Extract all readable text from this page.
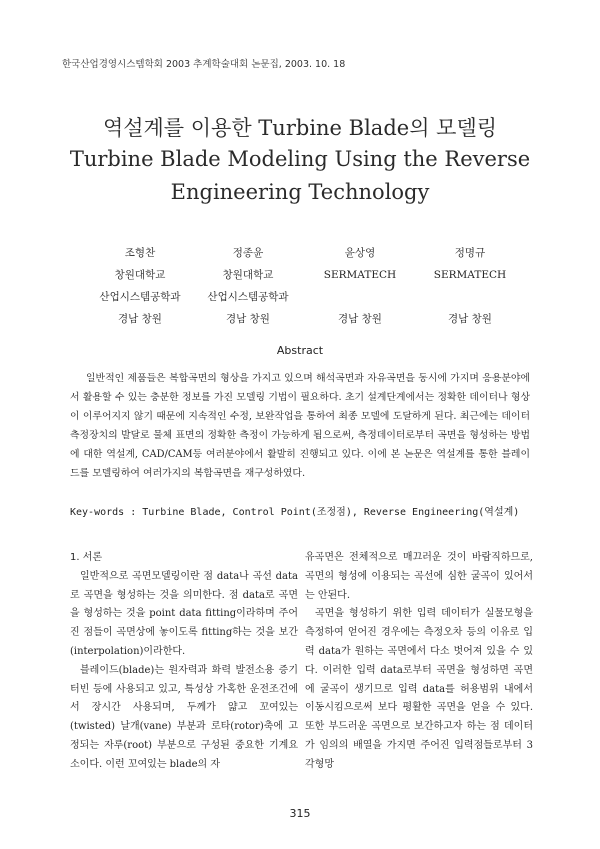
한국산업경영시스템학회 2003 추계학술대회 논문집, 2003. 10. 18
역설계를 이용한 Turbine Blade의 모델링
Turbine Blade Modeling Using the Reverse
Engineering Technology
조형찬
창원대학교
산업시스템공학과
경남 창원
정종윤
창원대학교
산업시스템공학과
경남 창원
윤상영
SERMATECH
경남 창원
정명규
SERMATECH
경남 창원
Abstract
일반적인 제품들은 복합곡면의 형상을 가지고 있으며 해석곡면과 자유곡면을 동시에 가지며 응용분야에서 활용할 수 있는 충분한 정보를 가진 모델링 기법이 필요하다. 초기 설계단계에서는 정확한 데이터나 형상이 이루어지지 않기 때문에 지속적인 수정, 보완작업을 통하여 최종 모델에 도달하게 된다. 최근에는 데이터 측정장치의 발달로 물체 표면의 정확한 측정이 가능하게 됨으로써, 측정데이터로부터 곡면을 형성하는 방법에 대한 역설계, CAD/CAM등 여러분야에서 활발히 진행되고 있다. 이에 본 논문은 역설계를 통한 블레이드를 모델링하여 여러가지의 복합곡면을 재구성하였다.
Key-words : Turbine Blade, Control Point(조정점), Reverse Engineering(역설계)

1. 서론

일반적으로 곡면모델링이란 점 data나 곡선 data로 곡면을 형성하는 것을 의미한다. 점 data로 곡면을 형성하는 것을 point data fitting이라하며 주어진 점들이 곡면상에 놓이도록 fitting하는 것을 보간(interpolation)이라한다.

블레이드(blade)는 원자력과 화력 발전소용 증기 터빈 등에 사용되고 있고, 특성상 가혹한 운전조건에서 장시간 사용되며, 두께가 얇고 꼬여있는(twisted) 날개(vane) 부분과 로타(rotor)축에 고정되는 자루(root) 부분으로 구성된 중요한 기계요소이다. 이런 꼬여있는 blade의 자

유곡면은 전체적으로 매끄러운 것이 바람직하므로, 곡면의 형성에 이용되는 곡선에 심한 굴곡이 있어서는 안된다.

곡면을 형성하기 위한 입력 데이터가 실물모형을 측정하여 얻어진 경우에는 측정오차 등의 이유로 입력 data가 원하는 곡면에서 다소 벗어져 있을 수 있다. 이러한 입력 data로부터 곡면을 형성하면 곡면에 굴곡이 생기므로 입력 data를 허용범위 내에서 이동시킴으로써 보다 평활한 곡면을 얻을 수 있다. 또한 부드러운 곡면으로 보간하고자 하는 점 데이터가 임의의 배열을 가지면 주어진 입력점들로부터 3각형망

315
